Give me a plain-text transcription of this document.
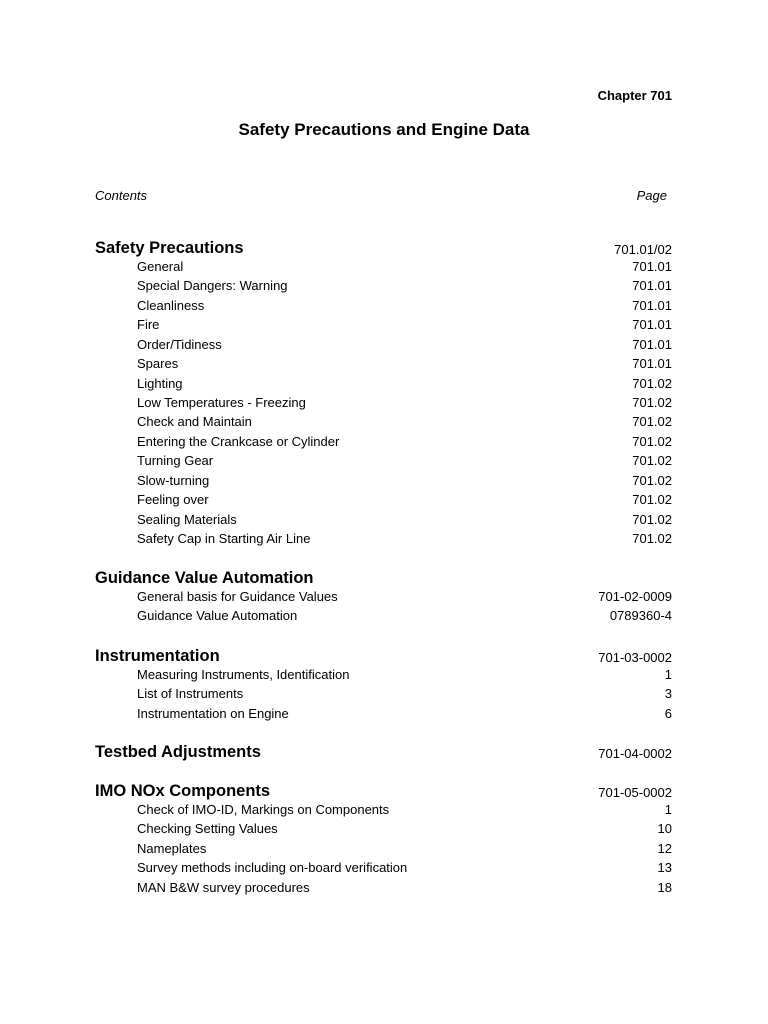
Chapter 701
Safety Precautions and Engine Data
Contents	Page
Safety Precautions	701.01/02
General	701.01
Special Dangers: Warning	701.01
Cleanliness	701.01
Fire	701.01
Order/Tidiness	701.01
Spares	701.01
Lighting	701.02
Low Temperatures - Freezing	701.02
Check and Maintain	701.02
Entering the Crankcase or Cylinder	701.02
Turning Gear	701.02
Slow-turning	701.02
Feeling over	701.02
Sealing Materials	701.02
Safety Cap in Starting Air Line	701.02
Guidance Value Automation
General basis for Guidance Values	701-02-0009
Guidance Value Automation	0789360-4
Instrumentation	701-03-0002
Measuring Instruments, Identification	1
List of Instruments	3
Instrumentation on Engine	6
Testbed Adjustments	701-04-0002
IMO NOx Components	701-05-0002
Check of IMO-ID, Markings on Components	1
Checking Setting Values	10
Nameplates	12
Survey methods including on-board verification	13
MAN B&W survey procedures	18
